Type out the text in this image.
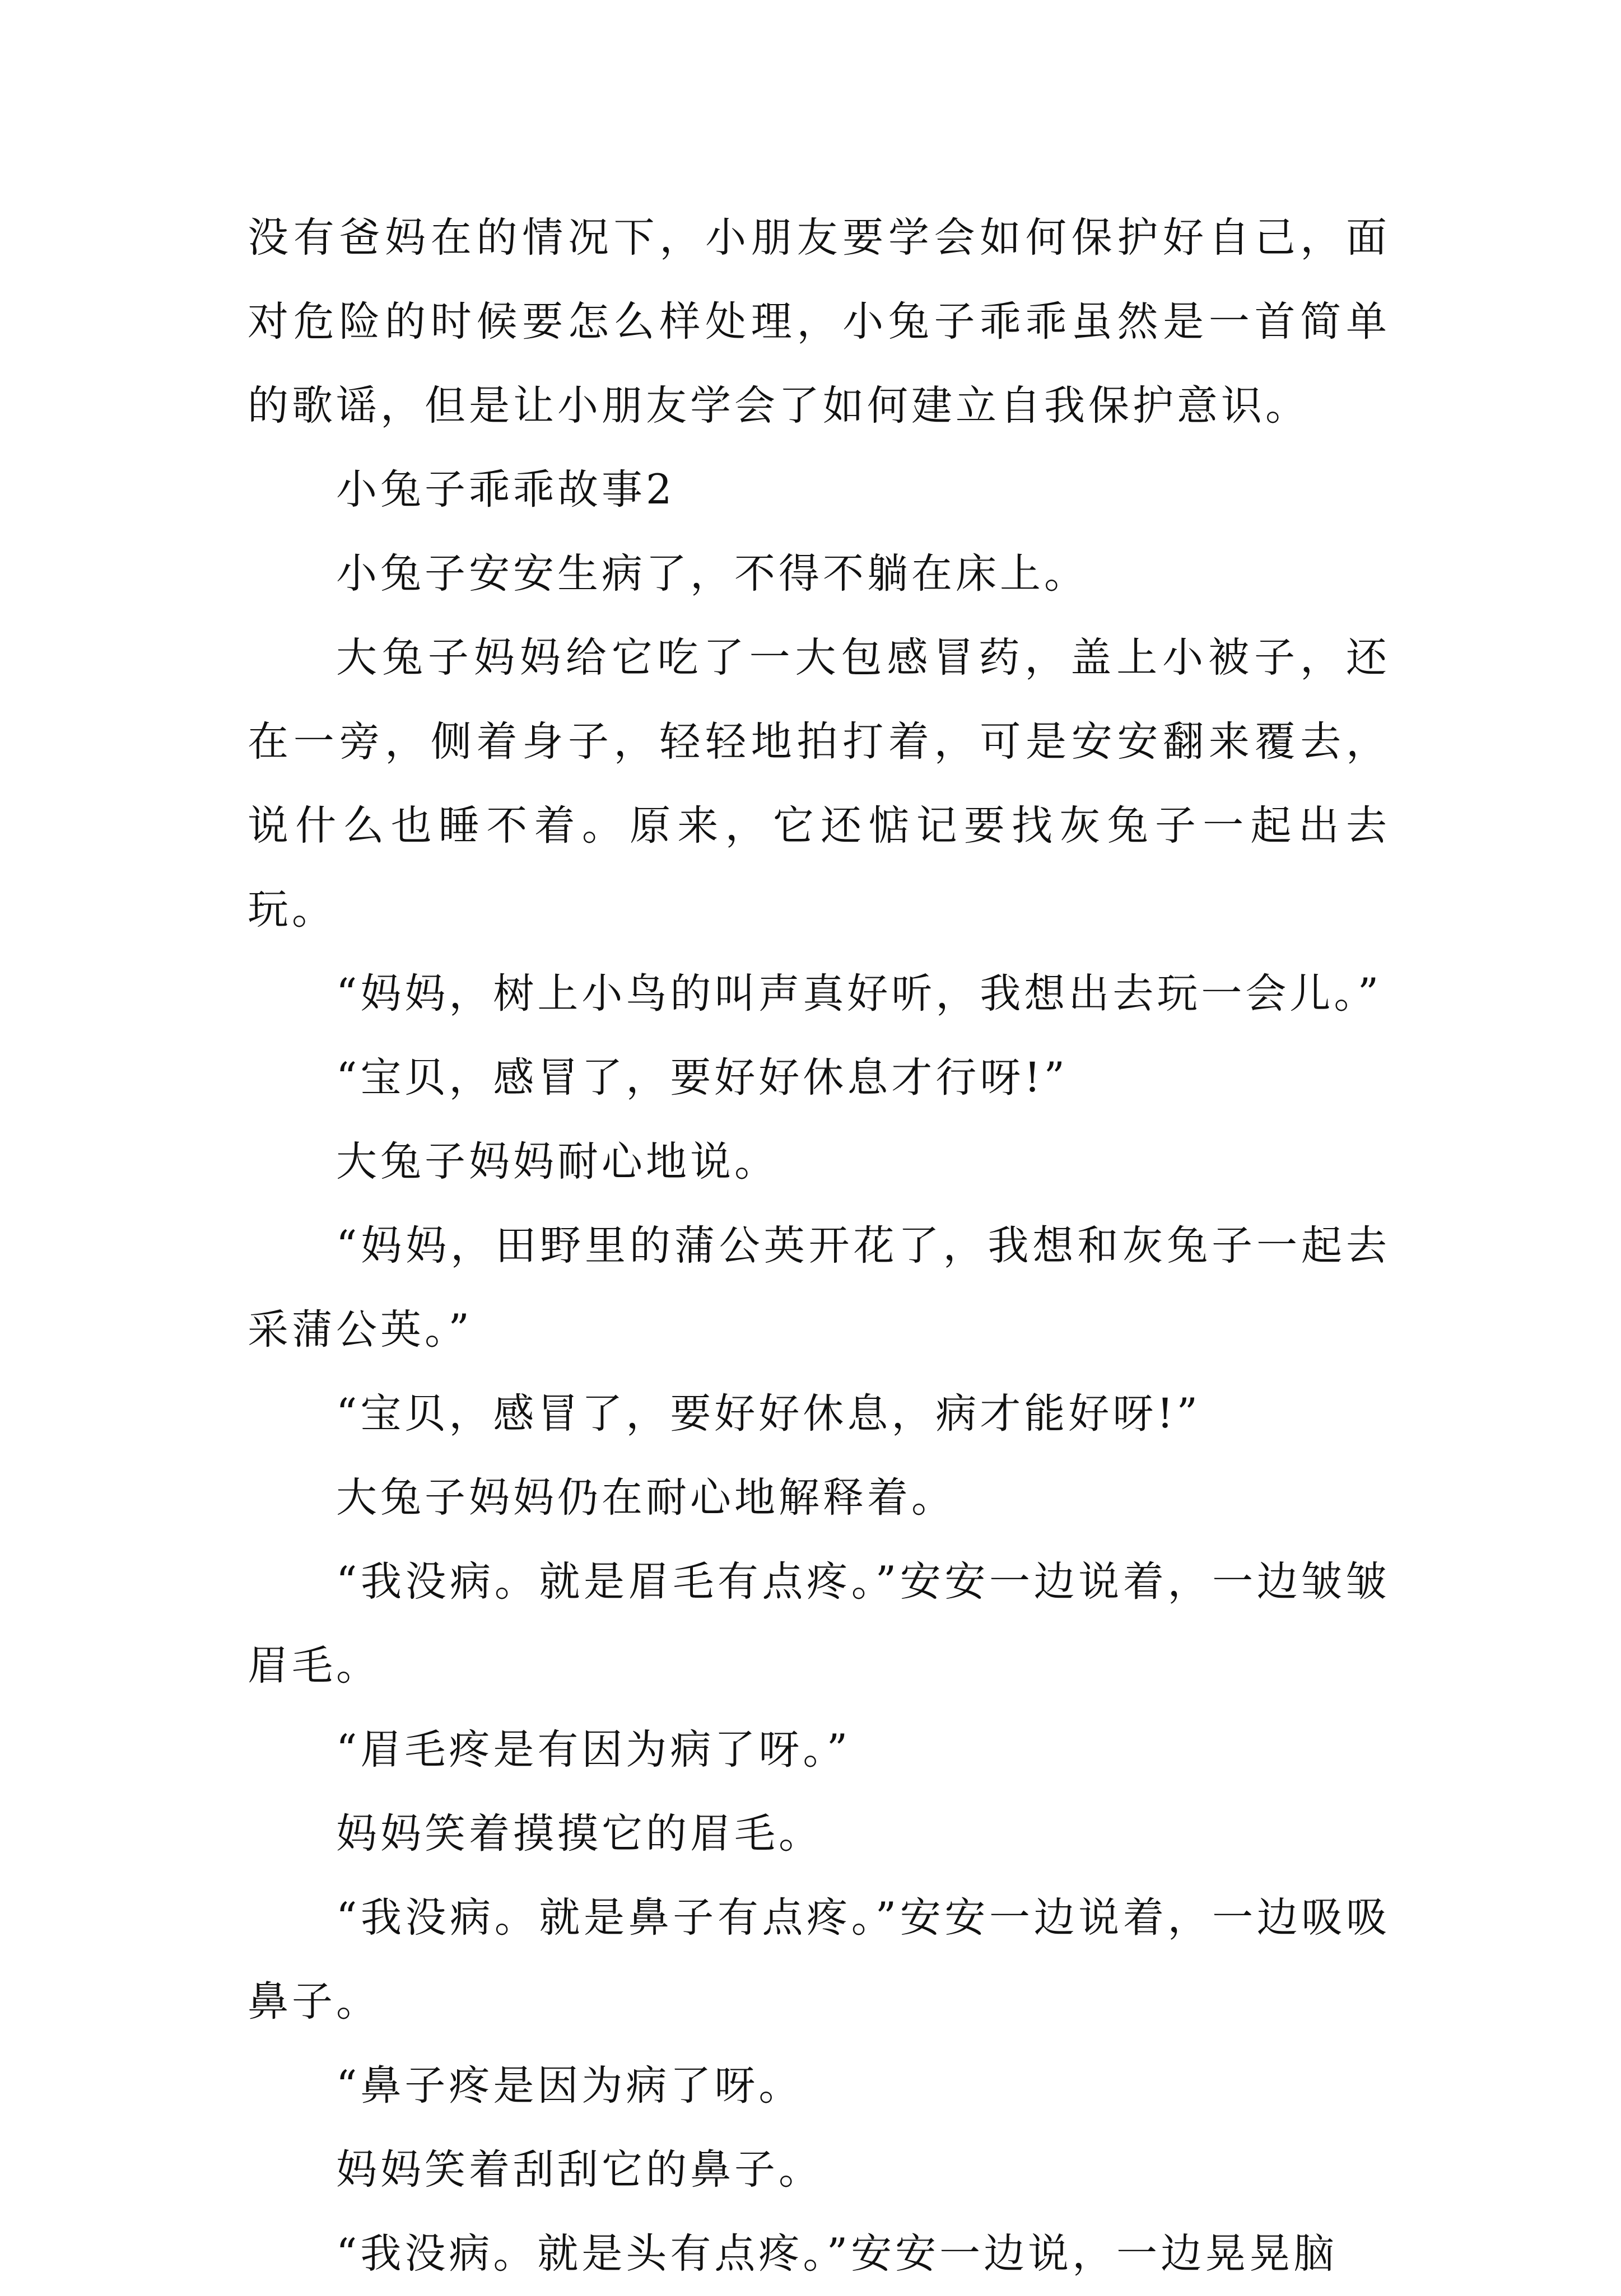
没有爸妈在的情况下，小朋友要学会如何保护好自己，面对危险的时候要怎么样处理，小兔子乖乖虽然是一首简单的歌谣，但是让小朋友学会了如何建立自我保护意识。

小兔子乖乖故事2

小兔子安安生病了，不得不躺在床上。

大兔子妈妈给它吃了一大包感冒药，盖上小被子，还在一旁，侧着身子，轻轻地拍打着，可是安安翻来覆去，说什么也睡不着。原来，它还惦记要找灰兔子一起出去玩。

“妈妈，树上小鸟的叫声真好听，我想出去玩一会儿。”

“宝贝，感冒了，要好好休息才行呀!”

大兔子妈妈耐心地说。

“妈妈，田野里的蒲公英开花了，我想和灰兔子一起去采蒲公英。”

“宝贝，感冒了，要好好休息，病才能好呀!”

大兔子妈妈仍在耐心地解释着。

“我没病。就是眉毛有点疼。”安安一边说着，一边皱皱眉毛。

“眉毛疼是有因为病了呀。”

妈妈笑着摸摸它的眉毛。

“我没病。就是鼻子有点疼。”安安一边说着，一边吸吸鼻子。

“鼻子疼是因为病了呀。

妈妈笑着刮刮它的鼻子。

“我没病。就是头有点疼。”安安一边说，一边晃晃脑
